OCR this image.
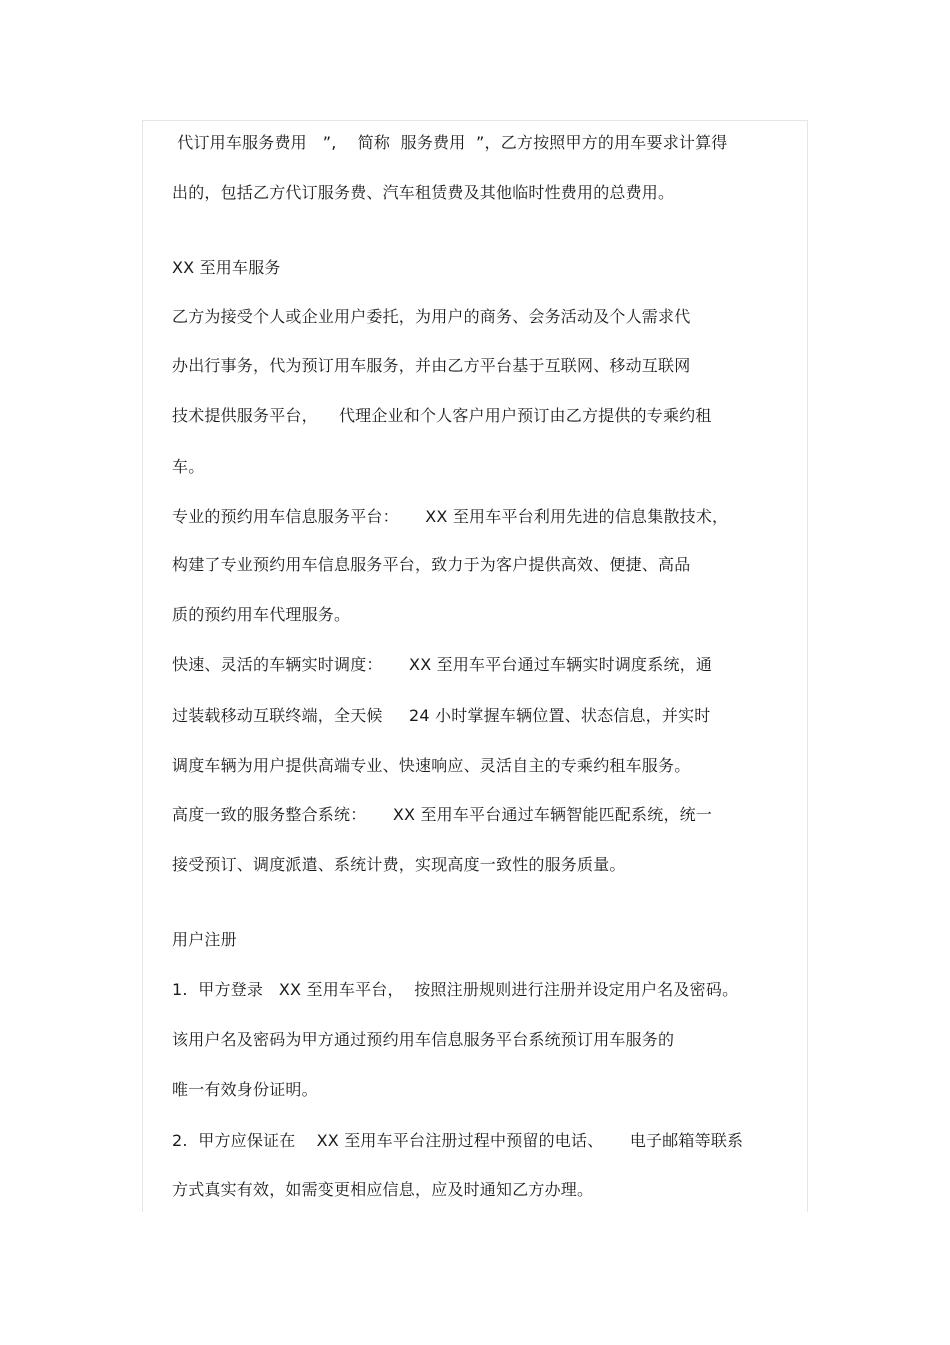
代订用车服务费用   ”,    简称  服务费用  ”，乙方按照甲方的用车要求计算得
出的，包括乙方代订服务费、汽车租赁费及其他临时性费用的总费用。
XX 至用车服务
乙方为接受个人或企业用户委托，为用户的商务、会务活动及个人需求代
办出行事务，代为预订用车服务，并由乙方平台基于互联网、移动互联网
技术提供服务平台，    代理企业和个人客户用户预订由乙方提供的专乘约租
车。
专业的预约用车信息服务平台：     XX 至用车平台利用先进的信息集散技术，
构建了专业预约用车信息服务平台，致力于为客户提供高效、便捷、高品
质的预约用车代理服务。
快速、灵活的车辆实时调度：     XX 至用车平台通过车辆实时调度系统，通
过装载移动互联终端，全天候     24 小时掌握车辆位置、状态信息，并实时
调度车辆为用户提供高端专业、快速响应、灵活自主的专乘约租车服务。
高度一致的服务整合系统：     XX 至用车平台通过车辆智能匹配系统，统一
接受预订、调度派遣、系统计费，实现高度一致性的服务质量。
用户注册
1.  甲方登录   XX 至用车平台，  按照注册规则进行注册并设定用户名及密码。
该用户名及密码为甲方通过预约用车信息服务平台系统预订用车服务的
唯一有效身份证明。
2.  甲方应保证在    XX 至用车平台注册过程中预留的电话、     电子邮箱等联系
方式真实有效，如需变更相应信息，应及时通知乙方办理。
